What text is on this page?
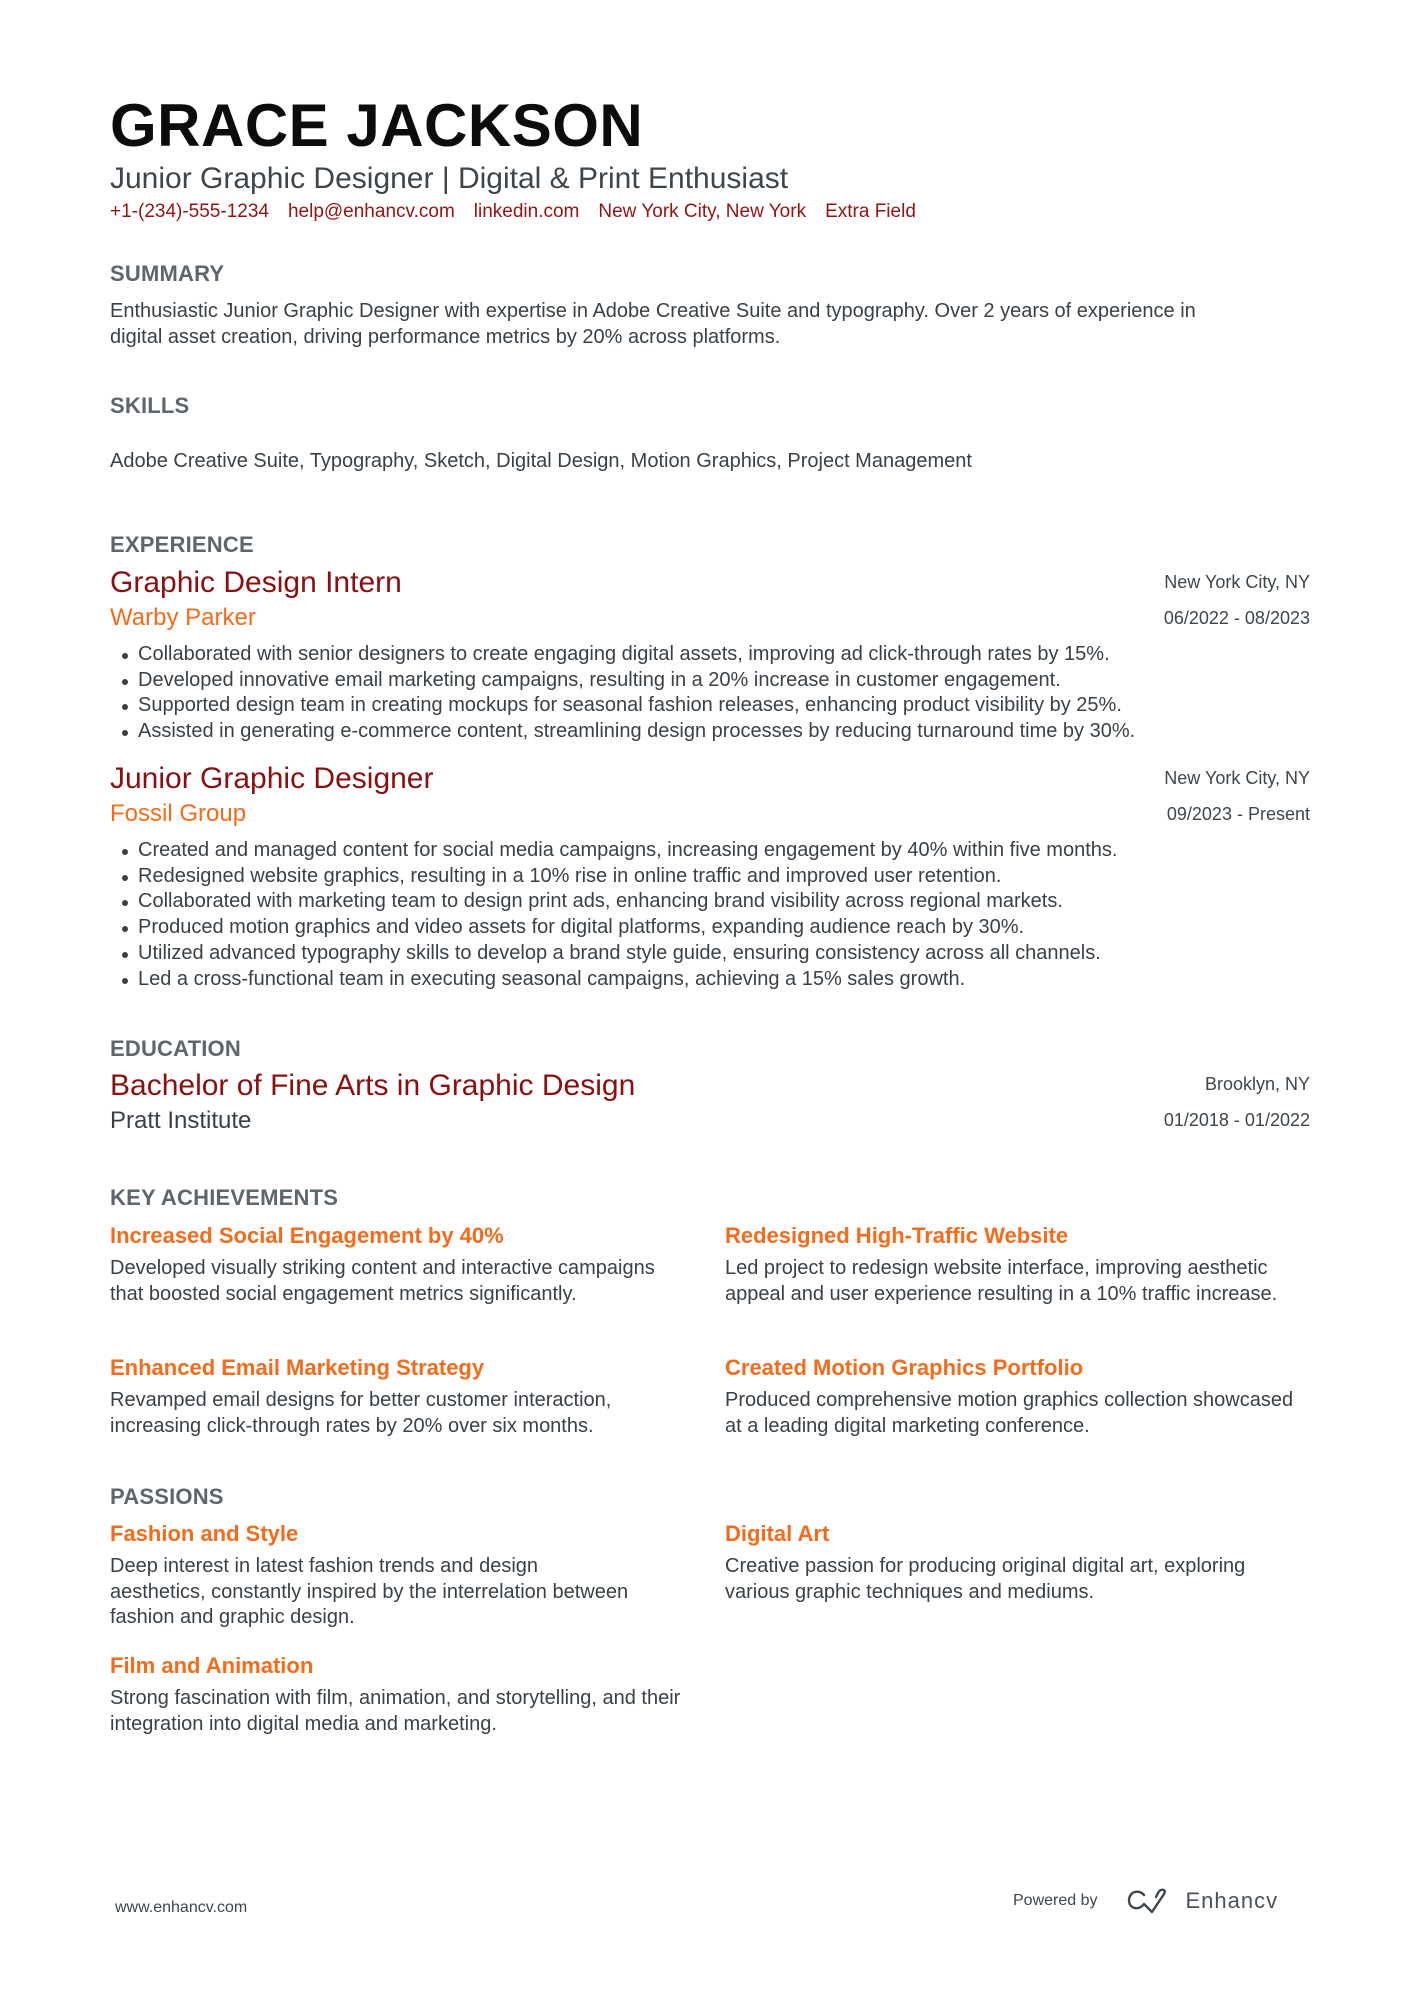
GRACE JACKSON
Junior Graphic Designer | Digital & Print Enthusiast
+1-(234)-555-1234 help@enhancv.com linkedin.com New York City, New York Extra Field
SUMMARY
Enthusiastic Junior Graphic Designer with expertise in Adobe Creative Suite and typography. Over 2 years of experience in digital asset creation, driving performance metrics by 20% across platforms.
SKILLS
Adobe Creative Suite, Typography, Sketch, Digital Design, Motion Graphics, Project Management
EXPERIENCE
Graphic Design Intern
Warby Parker
New York City, NY
06/2022 - 08/2023
Collaborated with senior designers to create engaging digital assets, improving ad click-through rates by 15%.
Developed innovative email marketing campaigns, resulting in a 20% increase in customer engagement.
Supported design team in creating mockups for seasonal fashion releases, enhancing product visibility by 25%.
Assisted in generating e-commerce content, streamlining design processes by reducing turnaround time by 30%.
Junior Graphic Designer
Fossil Group
New York City, NY
09/2023 - Present
Created and managed content for social media campaigns, increasing engagement by 40% within five months.
Redesigned website graphics, resulting in a 10% rise in online traffic and improved user retention.
Collaborated with marketing team to design print ads, enhancing brand visibility across regional markets.
Produced motion graphics and video assets for digital platforms, expanding audience reach by 30%.
Utilized advanced typography skills to develop a brand style guide, ensuring consistency across all channels.
Led a cross-functional team in executing seasonal campaigns, achieving a 15% sales growth.
EDUCATION
Bachelor of Fine Arts in Graphic Design
Pratt Institute
Brooklyn, NY
01/2018 - 01/2022
KEY ACHIEVEMENTS
Increased Social Engagement by 40%
Developed visually striking content and interactive campaigns that boosted social engagement metrics significantly.
Redesigned High-Traffic Website
Led project to redesign website interface, improving aesthetic appeal and user experience resulting in a 10% traffic increase.
Enhanced Email Marketing Strategy
Revamped email designs for better customer interaction, increasing click-through rates by 20% over six months.
Created Motion Graphics Portfolio
Produced comprehensive motion graphics collection showcased at a leading digital marketing conference.
PASSIONS
Fashion and Style
Deep interest in latest fashion trends and design aesthetics, constantly inspired by the interrelation between fashion and graphic design.
Digital Art
Creative passion for producing original digital art, exploring various graphic techniques and mediums.
Film and Animation
Strong fascination with film, animation, and storytelling, and their integration into digital media and marketing.
www.enhancv.com	Powered by	Enhancv
